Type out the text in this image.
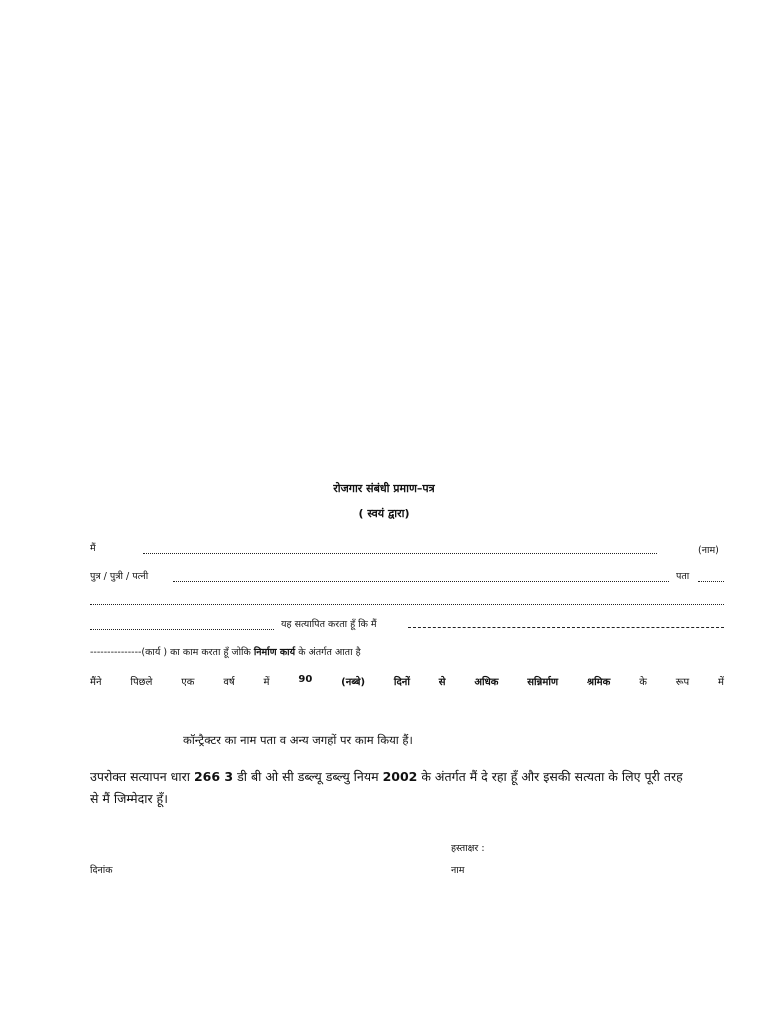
रोजगार संबंधी प्रमाण–पत्र
( स्वयं द्वारा)
मैं	(नाम)
पुत्र / पुत्री / पत्नी	पता
यह सत्यापित करता हूँ कि मैं
---------------(कार्य ) का काम करता हूँ जोकि निर्माण कार्य के अंतर्गत आता है
मैंने	पिछले	एक	वर्ष	में	90	(नब्बे)	दिनों	से	अधिक	सन्निर्माण	श्रमिक	के	रूप	में
कॉन्ट्रैक्टर का नाम पता व अन्य जगहों पर काम किया हैं।
उपरोक्त सत्यापन धारा 266 3 डी बी ओ सी डब्ल्यू डब्ल्यु नियम 2002 के अंतर्गत मैं दे रहा हूँ और इसकी सत्यता के लिए पूरी तरह से मैं जिम्मेदार हूँ।
हस्ताक्षर :
नाम
दिनांक
